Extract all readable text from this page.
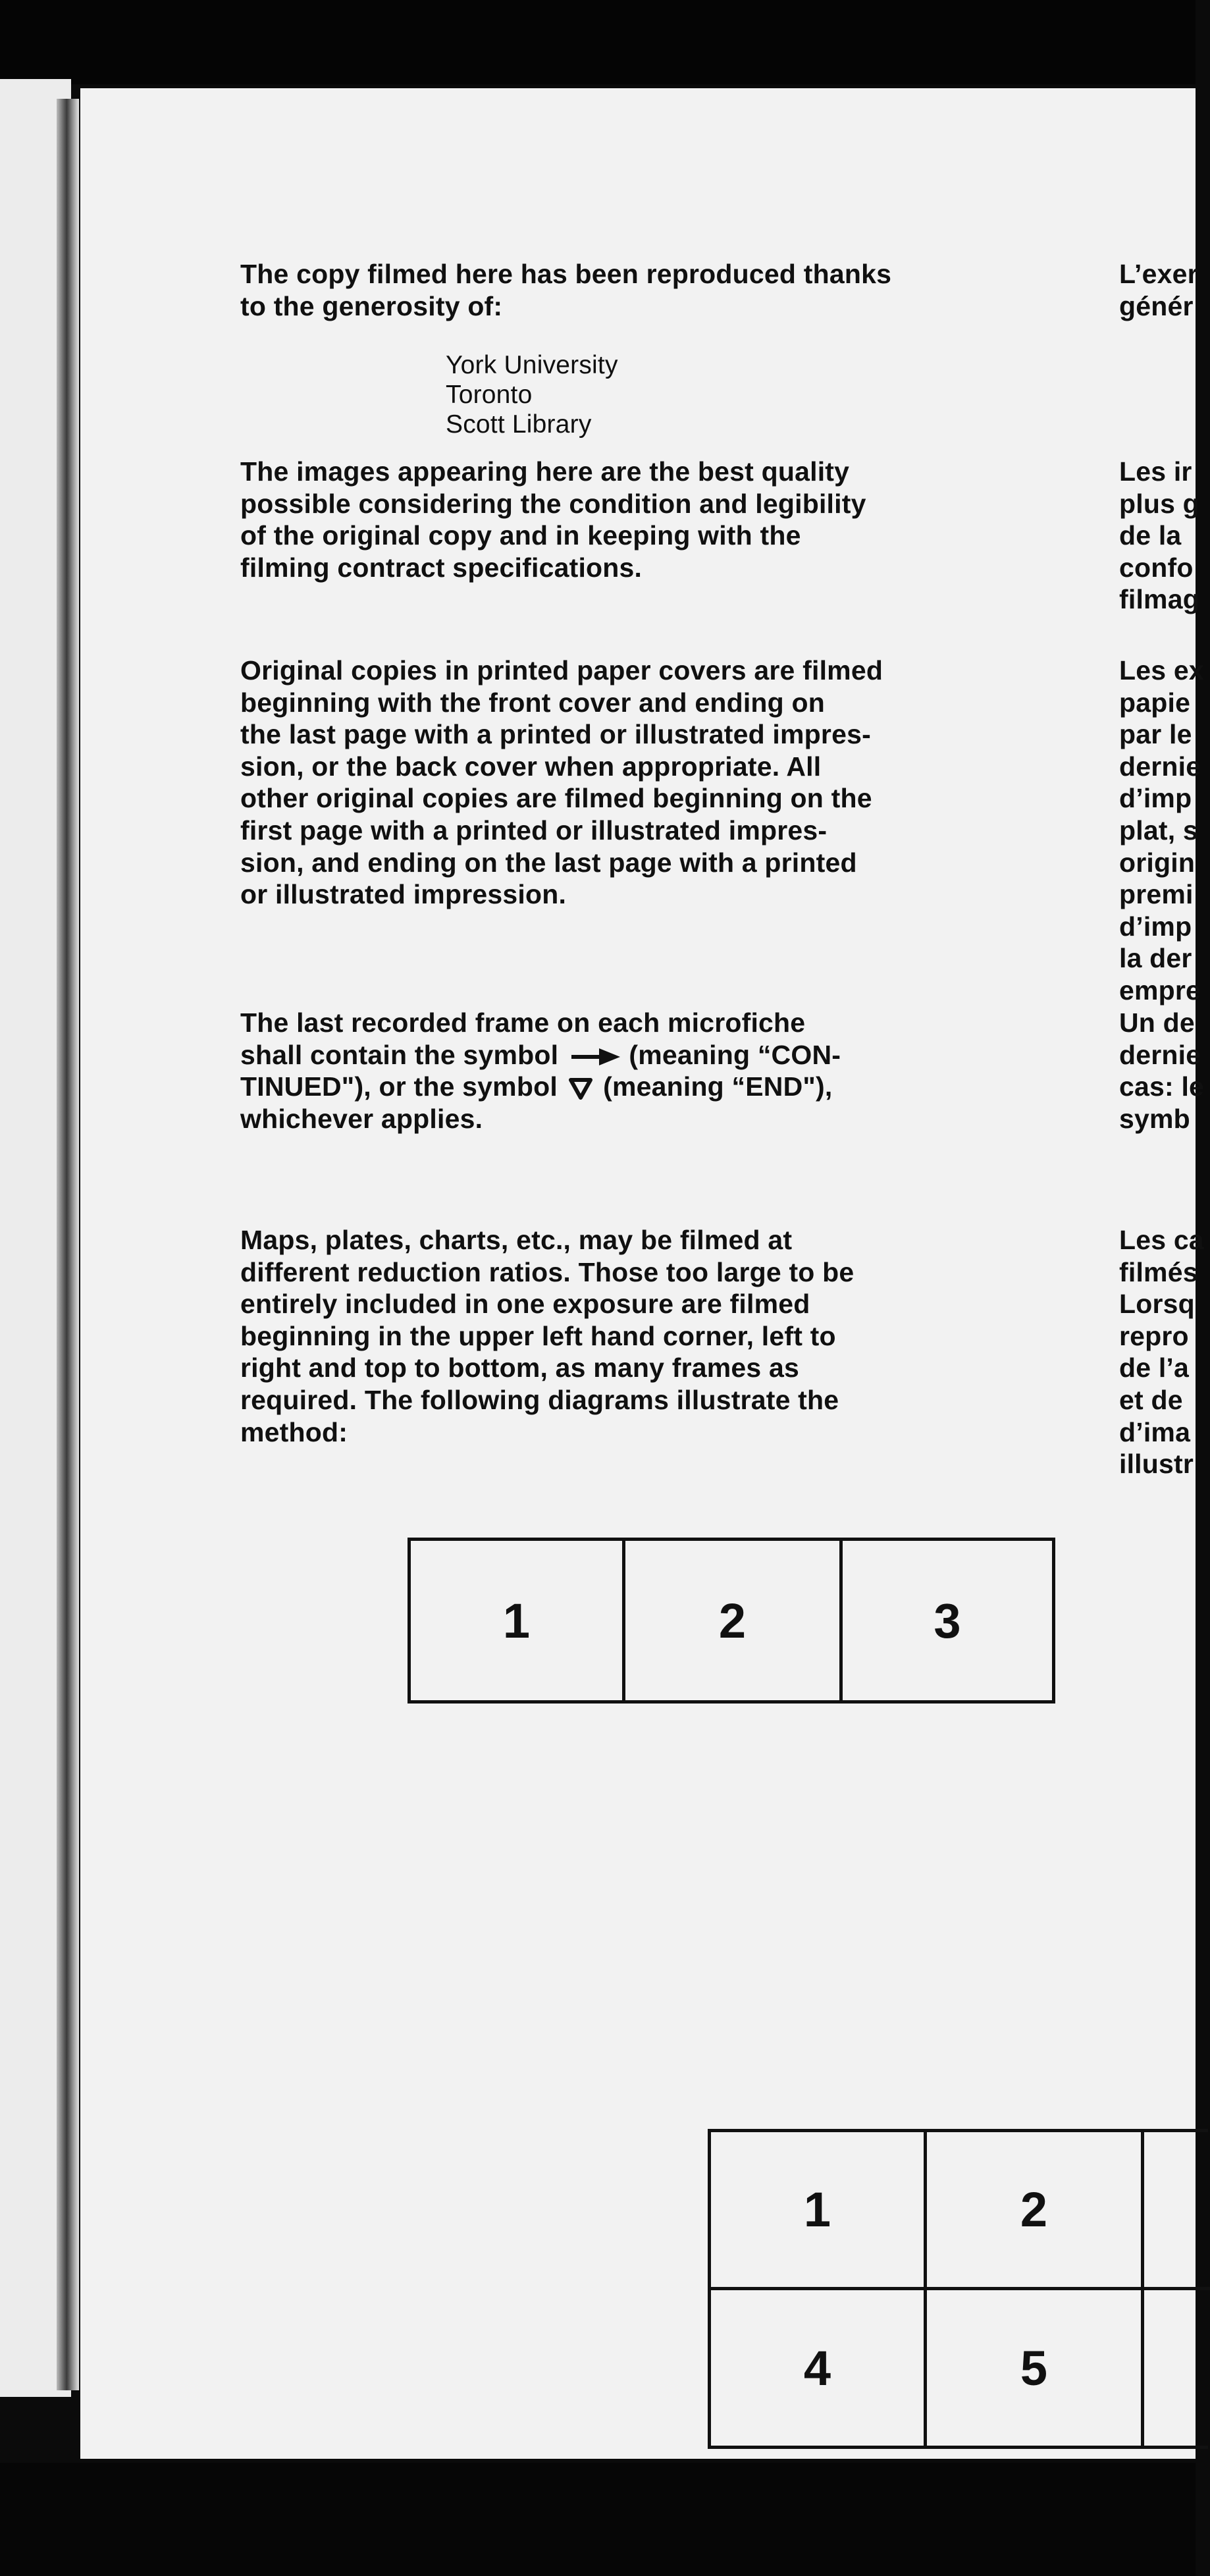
The copy filmed here has been reproduced thanks
to the generosity of:
York University
Toronto
Scott Library
The images appearing here are the best quality
possible considering the condition and legibility
of the original copy and in keeping with the
filming contract specifications.
Original copies in printed paper covers are filmed
beginning with the front cover and ending on
the last page with a printed or illustrated impres-
sion, or the back cover when appropriate. All
other original copies are filmed beginning on the
first page with a printed or illustrated impres-
sion, and ending on the last page with a printed
or illustrated impression.
The last recorded frame on each microfiche
shall contain the symbol	(meaning “CON-
TINUED"), or the symbol (meaning “END"),
whichever applies.
Maps, plates, charts, etc., may be filmed at
different reduction ratios. Those too large to be
entirely included in one exposure are filmed
beginning in the upper left hand corner, left to
right and top to bottom, as many frames as
required. The following diagrams illustrate the
method:
L’exer
génér
Les ir
plus g
de la
confo
filmag
Les ex
papie
par le
dernie
d’imp
plat, s
origin
premi
d’imp
la der
empre
Un de
dernie
cas: le
symb
Les ca
filmés
Lorsq
repro
de l’a
et de
d’ima
illustr
1	2	3
1	2
4	5
